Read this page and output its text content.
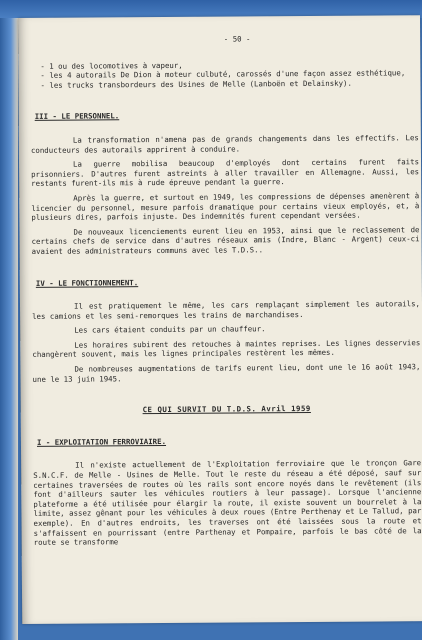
- 50 -

- 1 ou des locomotives à vapeur,

- les 4 autorails De Dion à moteur culbuté, carossés d'une façon assez esthétique,

- les trucks transbordeurs des Usines de Melle (Lanboën et Delainsky).

III - LE PERSONNEL.

La transformation n'amena pas de grands changements dans les effectifs. Les conducteurs des autorails apprirent à conduire.

La guerre mobilisa beaucoup d'employés dont certains furent faits prisonniers. D'autres furent astreints à aller travailler en Allemagne. Aussi, les restants furent-ils mis à rude épreuve pendant la guerre.

Après la guerre, et surtout en 1949, les compressions de dépenses amenèrent à licencier du personnel, mesure parfois dramatique pour certains vieux employés, et, à plusieurs dires, parfois injuste. Des indemnités furent cependant versées.

De nouveaux licenciements eurent lieu en 1953, ainsi que le reclassement de certains chefs de service dans d'autres réseaux amis (Indre, Blanc - Argent) ceux-ci avaient des administrateurs communs avec les T.D.S..

IV - LE FONCTIONNEMENT.

Il est pratiquement le même, les cars remplaçant simplement les autorails, les camions et les semi-remorques les trains de marchandises.

Les cars étaient conduits par un chauffeur.

Les horaires subirent des retouches à maintes reprises. Les lignes desservies changèrent souvent, mais les lignes principales restèrent les mêmes.

De nombreuses augmentations de tarifs eurent lieu, dont une le 16 août 1943, une le 13 juin 1945.

CE QUI SURVIT DU T.D.S. Avril 1959
I - EXPLOITATION FERROVIAIRE.

Il n'existe actuellement de l'Exploitation ferroviaire que le tronçon Gare S.N.C.F. de Melle - Usines de Melle. Tout le reste du réseau a été déposé, sauf sur certaines traversées de routes où les rails sont encore noyés dans le revêtement (ils font d'ailleurs sauter les véhicules routiers à leur passage). Lorsque l'ancienne plateforme a été utilisée pour élargir la route, il existe souvent un bourrelet à la limite, assez gênant pour les véhicules à deux roues (Entre Perthenay et Le Tallud, par exemple). En d'autres endroits, les traverses ont été laissées sous la route et s'affaissent en pourrissant (entre Parthenay et Pompaire, parfois le bas côté de la route se transforme
